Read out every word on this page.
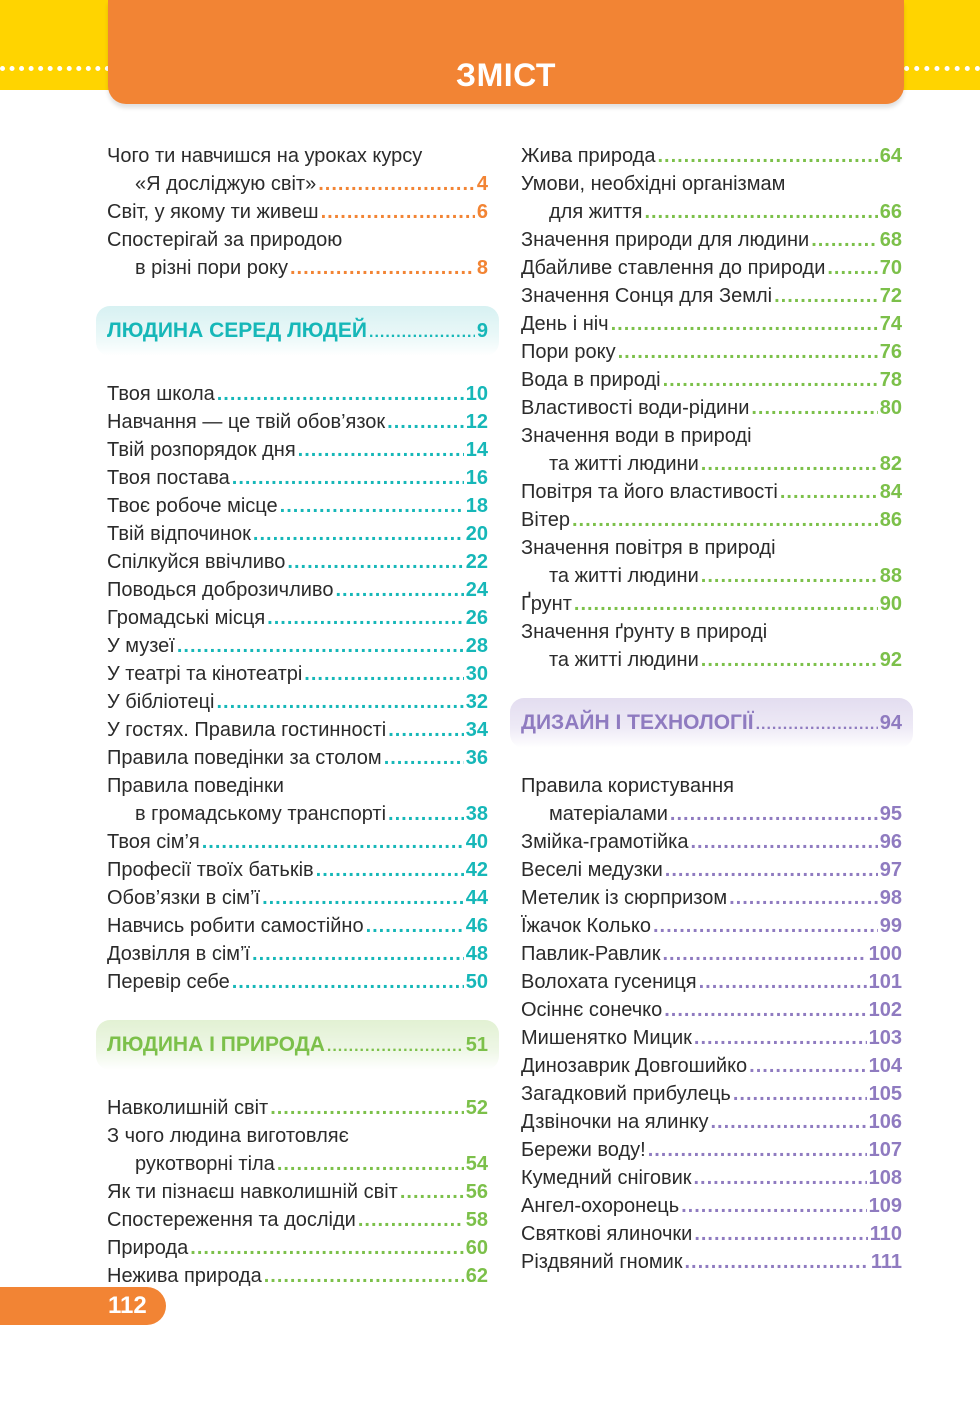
ЗМІСТ
Чого ти навчишся на уроках курсу
«Я досліджую світ» .....	4
Світ, у якому ти живеш .....	6
Спостерігай за природою
в різні пори року .....	8
ЛЮДИНА СЕРЕД ЛЮДЕЙ .....	9
Твоя школа .....	10
Навчання — це твій обов’язок .....	12
Твій розпорядок дня .....	14
Твоя постава .....	16
Твоє робоче місце .....	18
Твій відпочинок .....	20
Спілкуйся ввічливо .....	22
Поводься доброзичливо .....	24
Громадські місця .....	26
У музеї .....	28
У театрі та кінотеатрі .....	30
У бібліотеці .....	32
У гостях. Правила гостинності .....	34
Правила поведінки за столом .....	36
Правила поведінки
в громадському транспорті .....	38
Твоя сім’я .....	40
Професії твоїх батьків .....	42
Обов’язки в сім’ї .....	44
Навчись робити самостійно .....	46
Дозвілля в сім’ї .....	48
Перевір себе .....	50
ЛЮДИНА І ПРИРОДА .....	51
Навколишній світ .....	52
З чого людина виготовляє
рукотворні тіла .....	54
Як ти пізнаєш навколишній світ .....	56
Спостереження та досліди .....	58
Природа .....	60
Нежива природа .....	62
Жива природа .....	64
Умови, необхідні організмам
для життя .....	66
Значення природи для людини .....	68
Дбайливе ставлення до природи .....	70
Значення Сонця для Землі .....	72
День і ніч .....	74
Пори року .....	76
Вода в природі .....	78
Властивості води-рідини .....	80
Значення води в природі
та житті людини .....	82
Повітря та його властивості .....	84
Вітер .....	86
Значення повітря в природі
та житті людини .....	88
Ґрунт .....	90
Значення ґрунту в природі
та житті людини .....	92
ДИЗАЙН І ТЕХНОЛОГІЇ .....	94
Правила користування
матеріалами .....	95
Змійка-грамотійка .....	96
Веселі медузки .....	97
Метелик із сюрпризом .....	98
Їжачок Колько .....	99
Павлик-Равлик .....	100
Волохата гусениця .....	101
Осіннє сонечко .....	102
Мишенятко Мицик .....	103
Динозаврик Довгошийко .....	104
Загадковий прибулець .....	105
Дзвіночки на ялинку .....	106
Бережи воду! .....	107
Кумедний сніговик .....	108
Ангел-охоронець .....	109
Святкові ялиночки .....	110
Різдвяний гномик .....	111
112
